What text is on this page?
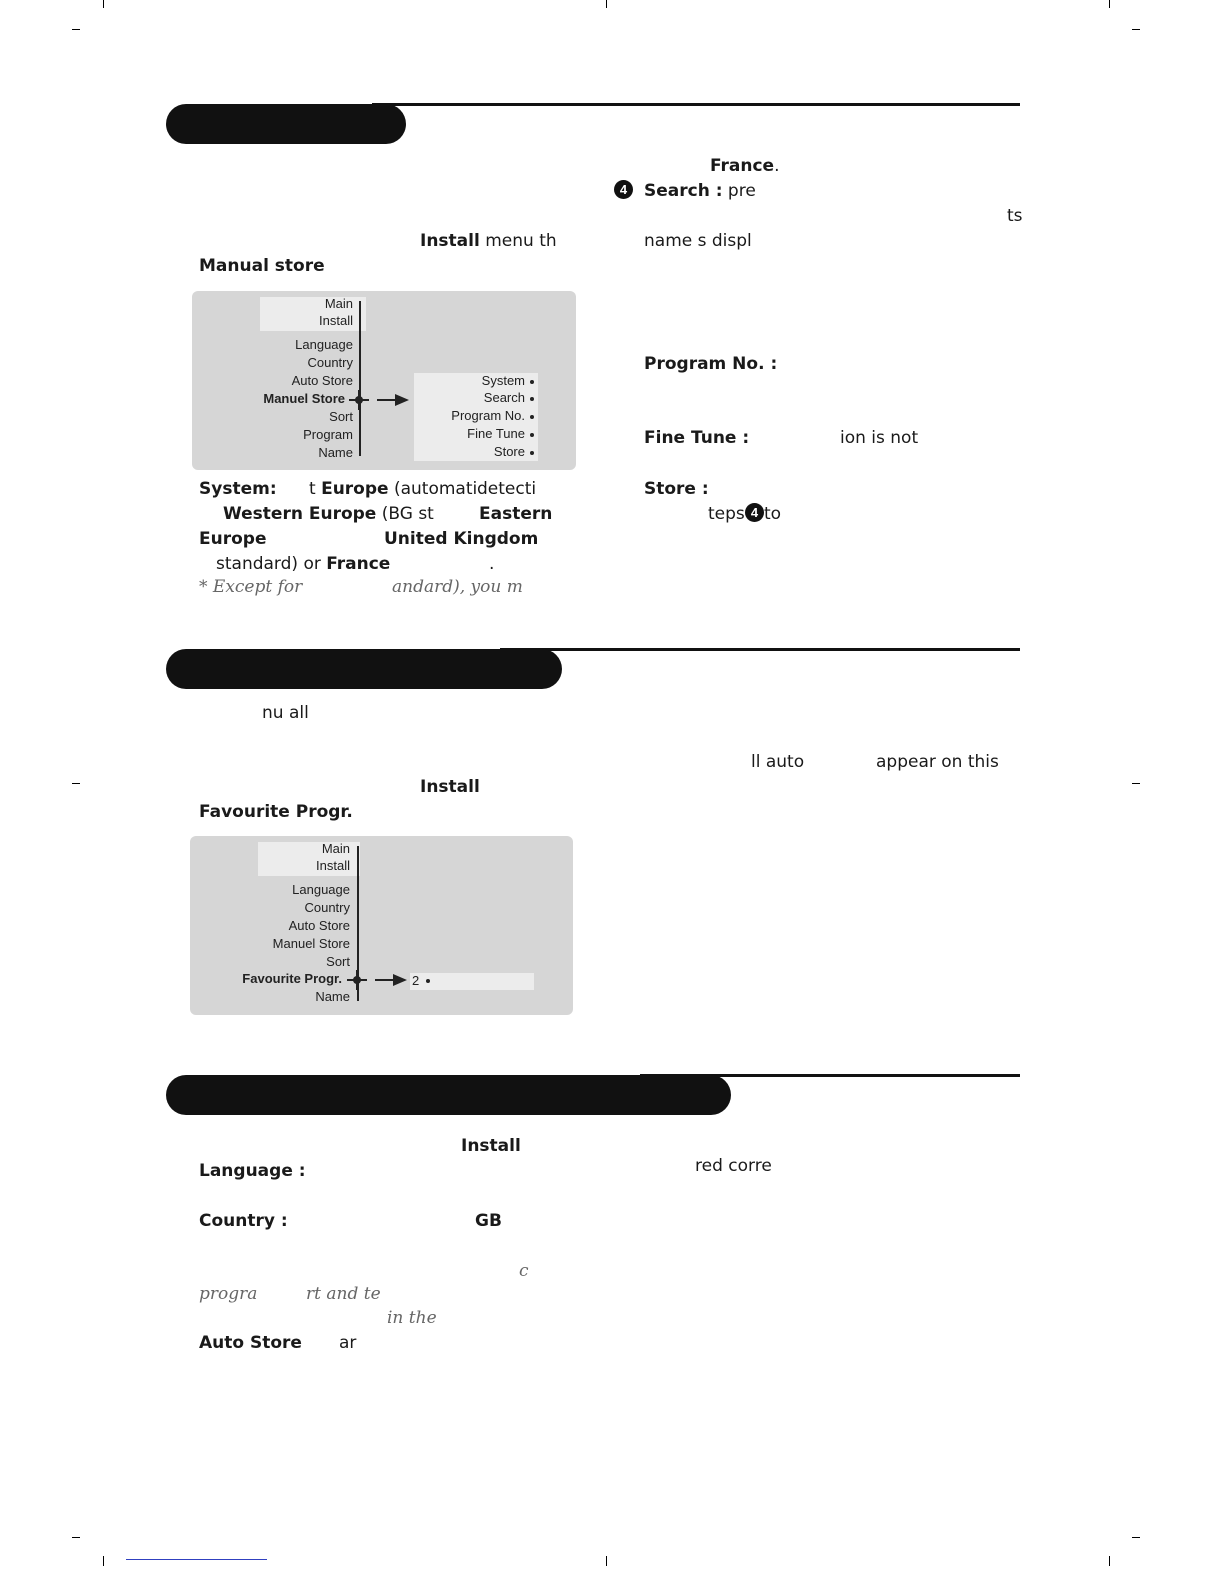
Install menu th
Manual store
Main
Install
Language
Country
Auto Store
Manuel Store
Sort
Program
Name
System
Search
Program No.
Fine Tune
Store
System: t Europe (automati detecti
Western Europe (BG st	Eastern
Europe	United Kingdom
standard) or France	.
* Except for	andard), you m
France.
4 Search : pre
ts
name s displ
Program No. :
Fine Tune :	ion is not
Store :
teps 4 to
nu all
ll auto	appear on this
Install
Favourite Progr.
Main
Install
Language
Country
Auto Store
Manuel Store
Sort
Favourite Progr.
Name
2
Install
Language :	red corre
Country :	GB
c
progra	rt and te
in the
Auto Store ar
